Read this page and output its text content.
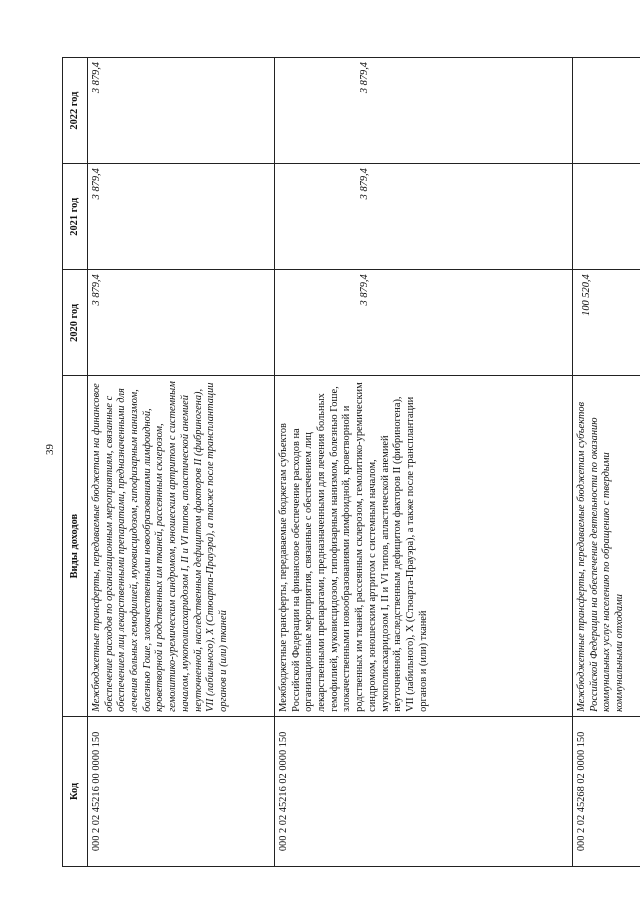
39
Код	Виды доходов	2020 год	2021 год	2022 год
000 2 02 45216 00 0000 150	Межбюджетные трансферты, передаваемые бюджетам на финансовое обеспечение расходов по организационным мероприятиям, связанные с обеспечением лиц лекарственными препаратами, предназначенными для лечения больных гемофилией, муковисцидозом, гипофизарным нанизмом, болезнью Гоше, злокачественными новообразованиями лимфоидной, кроветворной и родственных им тканей, рассеянным склерозом, гемолитико-уремическим синдромом, юношеским артритом с системным началом, мукополисахаридозом I, II и VI типов, апластической анемией неуточненной, наследственным дефицитом факторов II (фибриногена), VII (лабильного), X (Стюарта-Прауэра), а также после трансплантации органов и (или) тканей	3 879,4	3 879,4	3 879,4
000 2 02 45216 02 0000 150	Межбюджетные трансферты, передаваемые бюджетам субъектов Российской Федерации на финансовое обеспечение расходов на организационные мероприятия, связанные с обеспечением лиц лекарственными препаратами, предназначенными для лечения больных гемофилией, муковисцидозом, гипофизарным нанизмом, болезнью Гоше, злокачественными новообразованиями лимфоидной, кроветворной и родственных им тканей, рассеянным склерозом, гемолитико-уремическим синдромом, юношеским артритом с системным началом, мукополисахаридозом I, II и VI типов, апластической анемией неуточненной, наследственным дефицитом факторов II (фибриногена), VII (лабильного), X (Стюарта-Прауэра), а также после трансплантации органов и (или) тканей	3 879,4	3 879,4	3 879,4
000 2 02 45268 02 0000 150	Межбюджетные трансферты, передаваемые бюджетам субъектов Российской Федерации на обеспечение деятельности по оказанию коммунальных услуг населению по обращению с твердыми коммунальными отходами	100 520,4		
